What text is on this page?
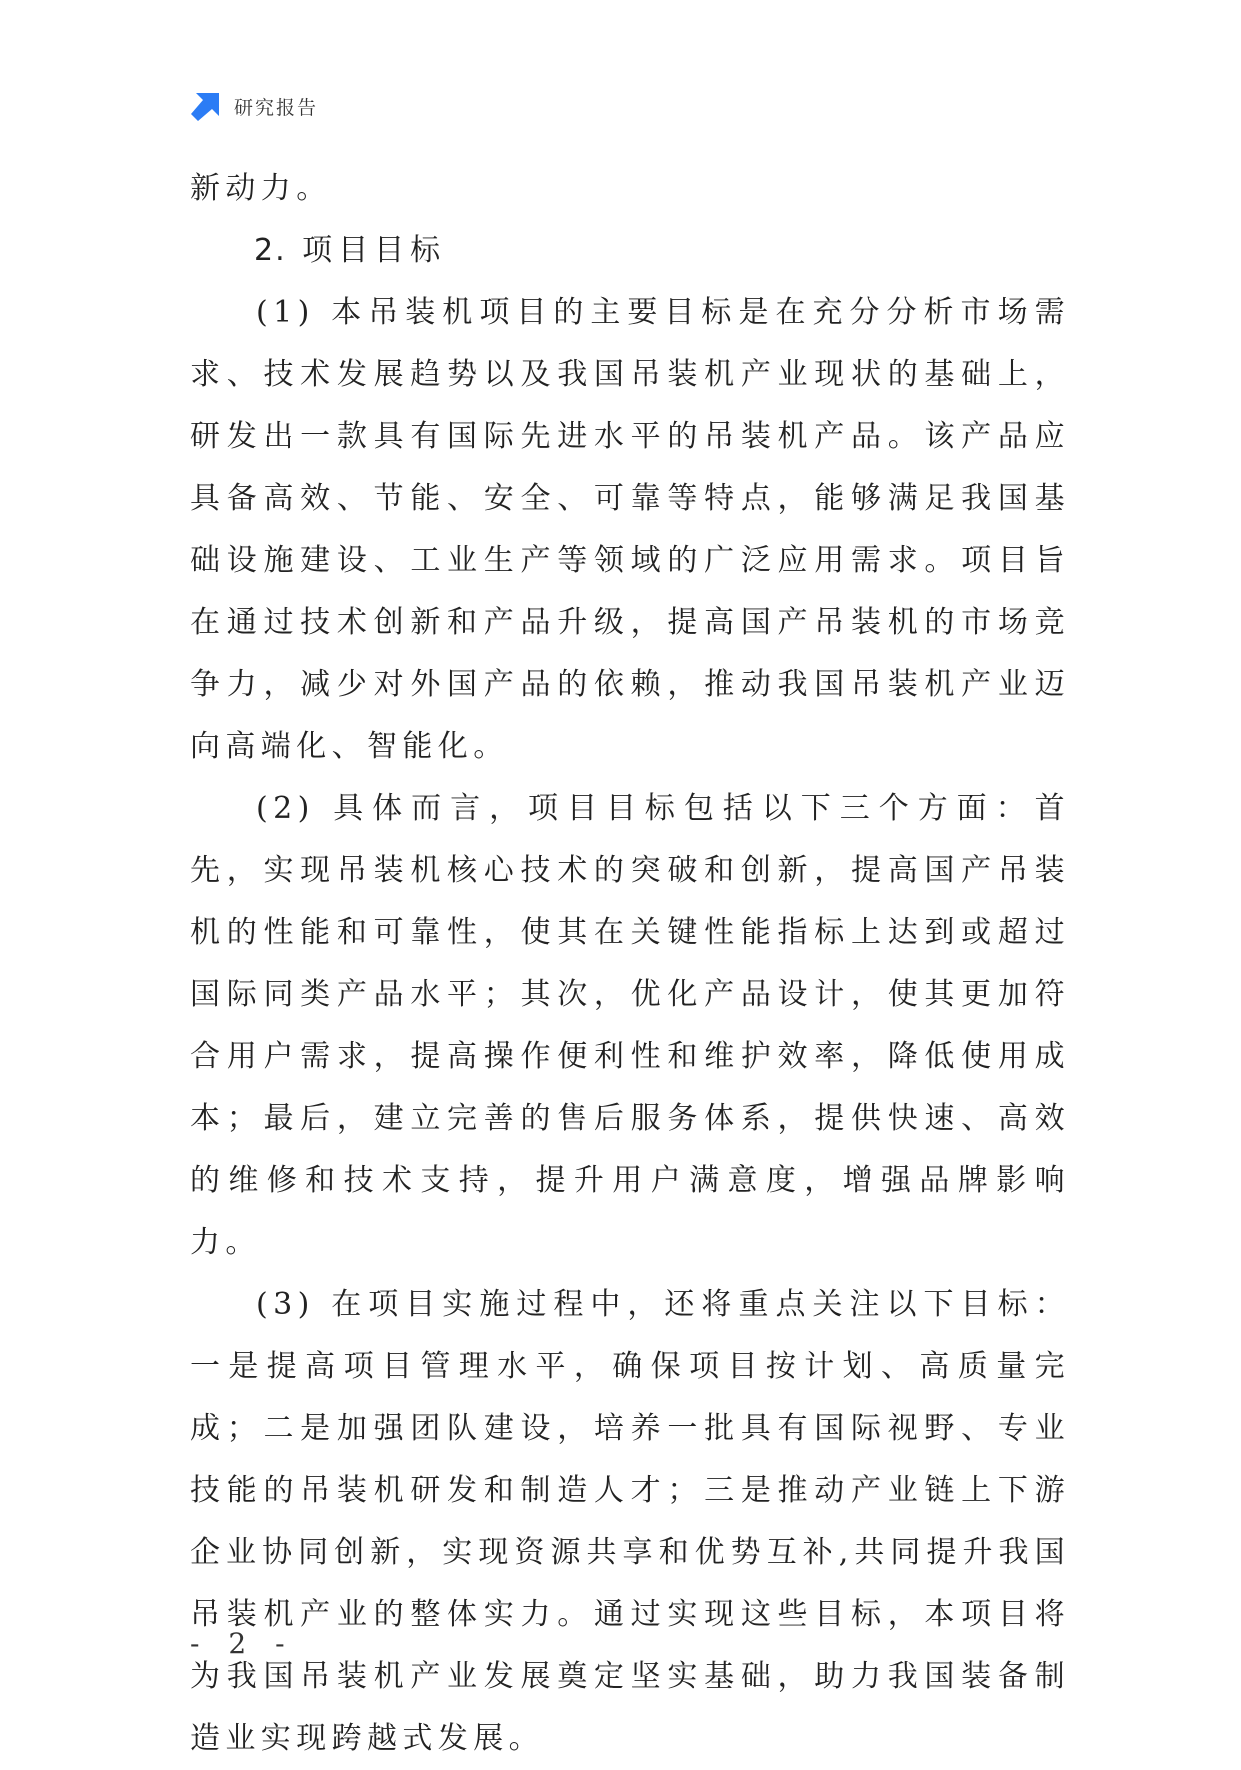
研究报告

新动力。

2. 项目目标

(1) 本吊装机项目的主要目标是在充分分析市场需求、技术发展趋势以及我国吊装机产业现状的基础上，研发出一款具有国际先进水平的吊装机产品。该产品应具备高效、节能、安全、可靠等特点，能够满足我国基础设施建设、工业生产等领域的广泛应用需求。项目旨在通过技术创新和产品升级，提高国产吊装机的市场竞争力，减少对外国产品的依赖，推动我国吊装机产业迈向高端化、智能化。

(2) 具体而言，项目目标包括以下三个方面：首先，实现吊装机核心技术的突破和创新，提高国产吊装机的性能和可靠性，使其在关键性能指标上达到或超过国际同类产品水平；其次，优化产品设计，使其更加符合用户需求，提高操作便利性和维护效率，降低使用成本；最后，建立完善的售后服务体系，提供快速、高效的维修和技术支持，提升用户满意度，增强品牌影响力。

(3) 在项目实施过程中，还将重点关注以下目标：一是提高项目管理水平，确保项目按计划、高质量完成；二是加强团队建设，培养一批具有国际视野、专业技能的吊装机研发和制造人才；三是推动产业链上下游企业协同创新，实现资源共享和优势互补,共同提升我国吊装机产业的整体实力。通过实现这些目标，本项目将为我国吊装机产业发展奠定坚实基础，助力我国装备制造业实现跨越式发展。

- 2 -
